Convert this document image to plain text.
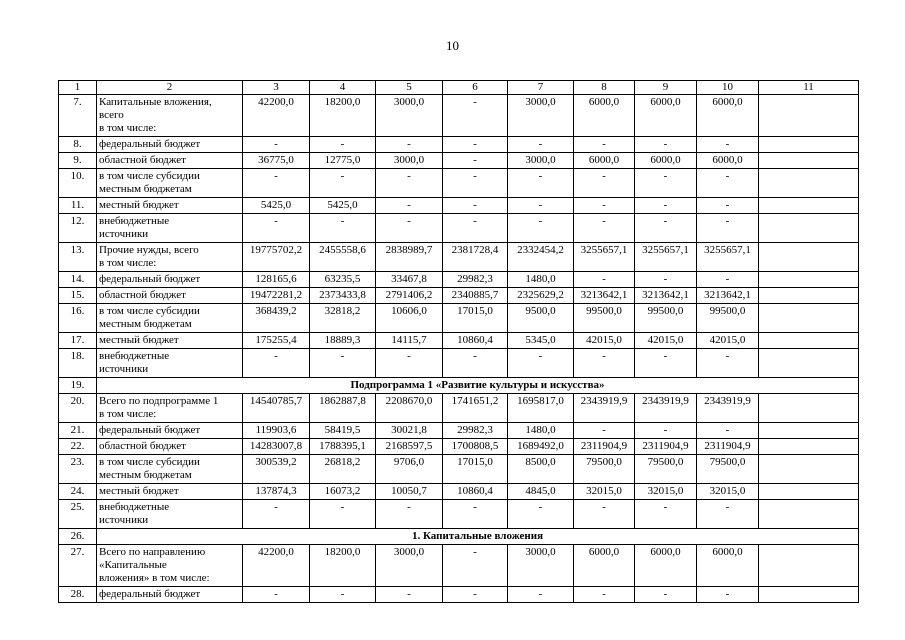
10
1	2	3	4	5	6	7	8	9	10	11
7.	Капитальные вложения,
всего
в том числе:	42200,0	18200,0	3000,0	-	3000,0	6000,0	6000,0	6000,0	
8.	федеральный бюджет	-	-	-	-	-	-	-	-	
9.	областной бюджет	36775,0	12775,0	3000,0	-	3000,0	6000,0	6000,0	6000,0	
10.	в том числе субсидии
местным бюджетам	-	-	-	-	-	-	-	-	
11.	местный бюджет	5425,0	5425,0	-	-	-	-	-	-	
12.	внебюджетные
источники	-	-	-	-	-	-	-	-	
13.	Прочие нужды, всего
в том числе:	19775702,2	2455558,6	2838989,7	2381728,4	2332454,2	3255657,1	3255657,1	3255657,1	
14.	федеральный бюджет	128165,6	63235,5	33467,8	29982,3	1480,0	-	-	-	
15.	областной бюджет	19472281,2	2373433,8	2791406,2	2340885,7	2325629,2	3213642,1	3213642,1	3213642,1	
16.	в том числе субсидии
местным бюджетам	368439,2	32818,2	10606,0	17015,0	9500,0	99500,0	99500,0	99500,0	
17.	местный бюджет	175255,4	18889,3	14115,7	10860,4	5345,0	42015,0	42015,0	42015,0	
18.	внебюджетные
источники	-	-	-	-	-	-	-	-	
19.	Подпрограмма 1 «Развитие культуры и искусства»									
20.	Всего по подпрограмме 1
в том числе:	14540785,7	1862887,8	2208670,0	1741651,2	1695817,0	2343919,9	2343919,9	2343919,9	
21.	федеральный бюджет	119903,6	58419,5	30021,8	29982,3	1480,0	-	-	-	
22.	областной бюджет	14283007,8	1788395,1	2168597,5	1700808,5	1689492,0	2311904,9	2311904,9	2311904,9	
23.	в том числе субсидии
местным бюджетам	300539,2	26818,2	9706,0	17015,0	8500,0	79500,0	79500,0	79500,0	
24.	местный бюджет	137874,3	16073,2	10050,7	10860,4	4845,0	32015,0	32015,0	32015,0	
25.	внебюджетные
источники	-	-	-	-	-	-	-	-	
26.	1. Капитальные вложения									
27.	Всего по направлению
«Капитальные
вложения» в том числе:	42200,0	18200,0	3000,0	-	3000,0	6000,0	6000,0	6000,0	
28.	федеральный бюджет	-	-	-	-	-	-	-	-	
